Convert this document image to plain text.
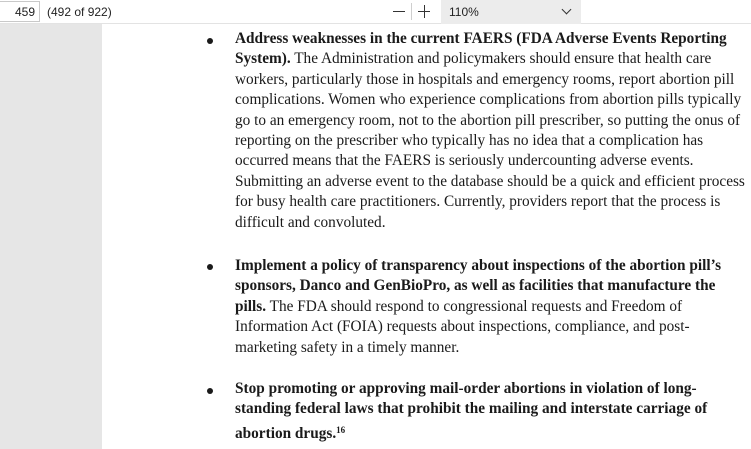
459
(492 of 922)	110%

Address weaknesses in the current FAERS (FDA Adverse Events Reporting System). The Administration and policymakers should ensure that health care workers, particularly those in hospitals and emergency rooms, report abortion pill complications. Women who experience complications from abortion pills typically go to an emergency room, not to the abortion pill prescriber, so putting the onus of reporting on the prescriber who typically has no idea that a complication has occurred means that the FAERS is seriously undercounting adverse events. Submitting an adverse event to the database should be a quick and efficient process for busy health care practitioners. Currently, providers report that the process is difficult and convoluted.

Implement a policy of transparency about inspections of the abortion pill’s sponsors, Danco and GenBioPro, as well as facilities that manufacture the pills. The FDA should respond to congressional requests and Freedom of Information Act (FOIA) requests about inspections, compliance, and post-marketing safety in a timely manner.

Stop promoting or approving mail-order abortions in violation of long-standing federal laws that prohibit the mailing and interstate carriage of abortion drugs.$^{16}$
